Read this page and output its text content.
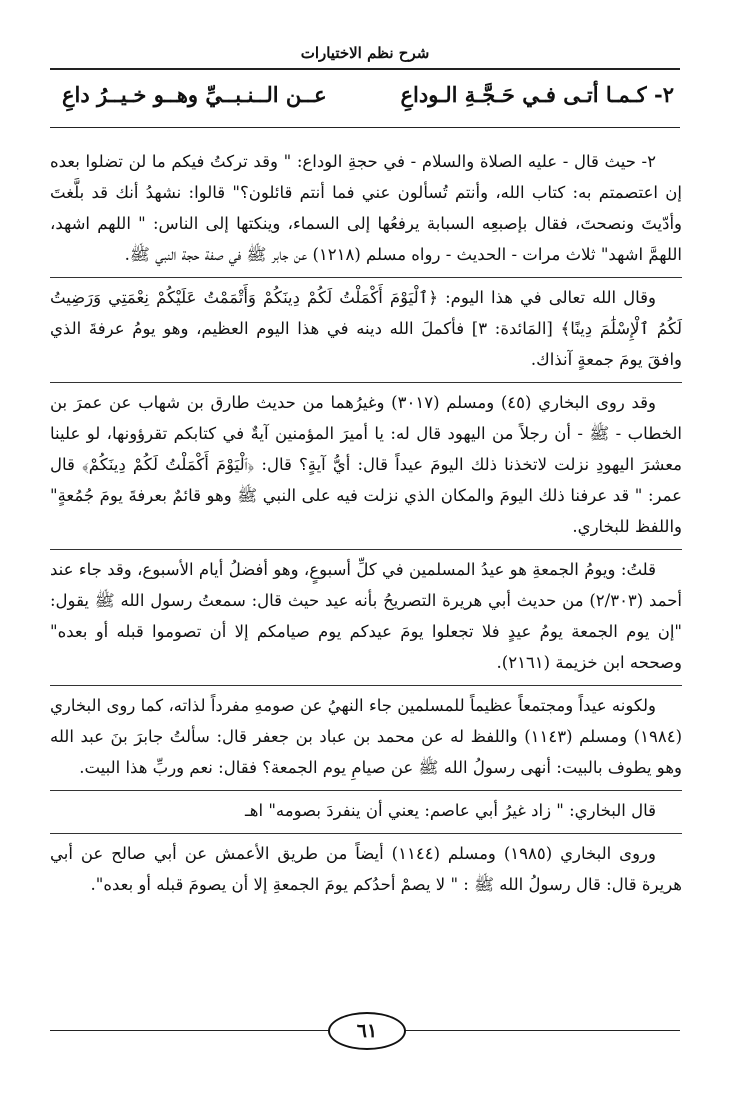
شرح نظم الاختيارات
٢- كـمـا أتـى فـي حَـجَّـةِ الـوداعِ
عــن الــنـبــيِّ وهــو خـيــرُ داعِ

٢- حيث قال - عليه الصلاة والسلام - في حجةِ الوداع: " وقد تركتُ فيكم ما لن تضلوا بعده إن اعتصمتم به: كتاب الله، وأنتم تُسألون عني فما أنتم قائلون؟" قالوا: نشهدُ أنك قد بلَّغتَ وأدّيتَ ونصحتَ، فقال بإصبعِه السبابة يرفعُها إلى السماء، وينكتها إلى الناس: " اللهم اشهد، اللهمَّ اشهد" ثلاث مرات - الحديث - رواه مسلم (١٢١٨) عن جابر ﷺ في صفة حجة النبي ﷺ.

وقال الله تعالى في هذا اليوم: ﴿ٱلْيَوْمَ أَكْمَلْتُ لَكُمْ دِينَكُمْ وَأَتْمَمْتُ عَلَيْكُمْ نِعْمَتِي وَرَضِيتُ لَكُمُ ٱلْإِسْلَٰمَ دِينًا﴾ [المَائدة: ٣] فأكملَ الله دينه في هذا اليوم العظيم، وهو يومُ عرفةَ الذي وافقَ يومَ جمعةٍ آنذاك.

وقد روى البخاري (٤٥) ومسلم (٣٠١٧) وغيرُهما من حديث طارق بن شهاب عن عمرَ بن الخطاب - ﷺ - أن رجلاً من اليهود قال له: يا أميرَ المؤمنين آيةٌ في كتابكم تقرؤونها، لو علينا معشرَ اليهودِ نزلت لاتخذنا ذلك اليومَ عيداً قال: أيُّ آيةٍ؟ قال: ﴿ٱلْيَوْمَ أَكْمَلْتُ لَكُمْ دِينَكُمْ﴾ قال عمر: " قد عرفنا ذلك اليومَ والمكان الذي نزلت فيه على النبي ﷺ وهو قائمٌ بعرفةَ يومَ جُمُعةٍ" واللفظ للبخاري.

قلتُ: ويومُ الجمعةِ هو عيدُ المسلمين في كلِّ أسبوعٍ، وهو أفضلُ أيام الأسبوع، وقد جاء عند أحمد (٢/٣٠٣) من حديث أبي هريرة التصريحُ بأنه عيد حيث قال: سمعتُ رسول الله ﷺ يقول: "إن يوم الجمعة يومُ عيدٍ فلا تجعلوا يومَ عيدكم يوم صيامكم إلا أن تصوموا قبله أو بعده" وصححه ابن خزيمة (٢١٦١).

ولكونه عيداً ومجتمعاً عظيماً للمسلمين جاء النهيُ عن صومهِ مفرداً لذاته، كما روى البخاري (١٩٨٤) ومسلم (١١٤٣) واللفظ له عن محمد بن عباد بن جعفر قال: سألتُ جابرَ بنَ عبد الله وهو يطوف بالبيت: أنهى رسولُ الله ﷺ عن صيامِ يوم الجمعة؟ فقال: نعم وربِّ هذا البيت.

قال البخاري: " زاد غيرُ أبي عاصم: يعني أن ينفردَ بصومه" اهـ

وروى البخاري (١٩٨٥) ومسلم (١١٤٤) أيضاً من طريق الأعمش عن أبي صالح عن أبي هريرة قال: قال رسولُ الله ﷺ : " لا يصمْ أحدُكم يومَ الجمعةِ إلا أن يصومَ قبله أو بعده".

٦١
